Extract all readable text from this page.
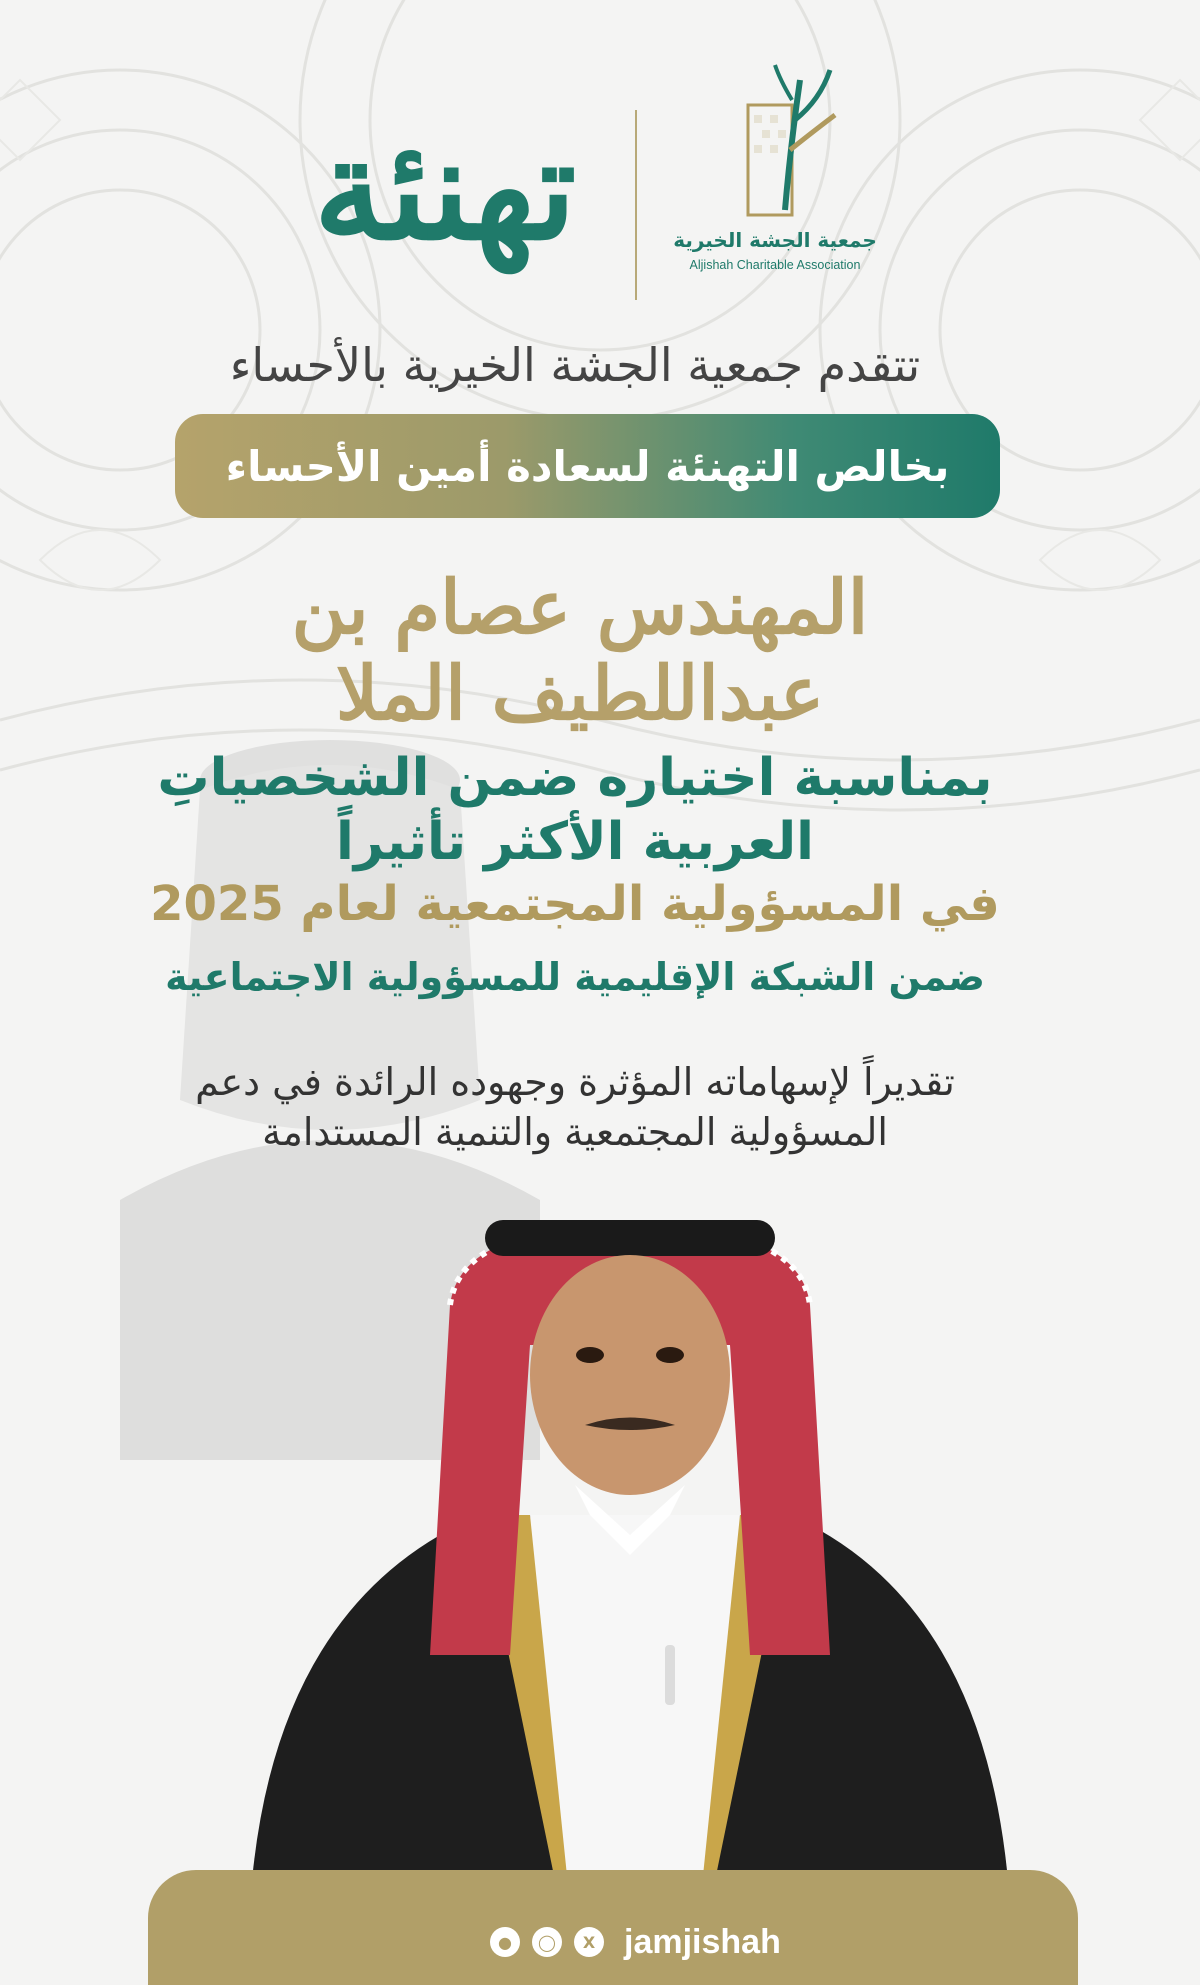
تهنئة	جمعية الجشة الخيرية
Aljishah Charitable Association
تتقدم جمعية الجشة الخيرية بالأحساء
بخالص التهنئة لسعادة أمين الأحساء
المهندس عصام بن عبداللطيف الملا
بمناسبة اختياره ضمن الشخصياتِ
العربية الأكثر تأثيراً
في المسؤولية المجتمعية لعام 2025
ضمن الشبكة الإقليمية للمسؤولية الاجتماعية
تقديراً لإسهاماته المؤثرة وجهوده الرائدة في دعم
المسؤولية المجتمعية والتنمية المستدامة
●	◯	X jamjishah
